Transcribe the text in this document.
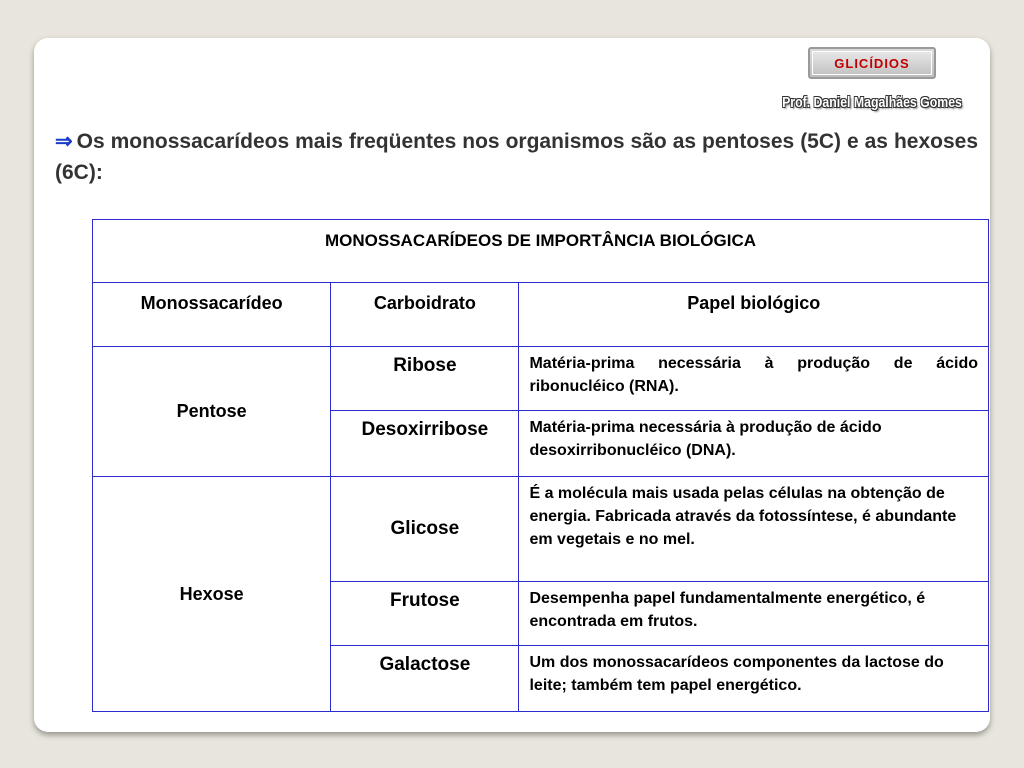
GLICÍDIOS
Prof. Daniel Magalhães Gomes
⇒ Os monossacarídeos mais freqüentes nos organismos são as pentoses (5C) e as hexoses (6C):
MONOSSACARÍDEOS DE IMPORTÂNCIA BIOLÓGICA		
Monossacarídeo	Carboidrato	Papel biológico
Pentose	Ribose	Matéria-prima necessária à produção de ácido ribonucléico (RNA).
	Desoxirribose	Matéria-prima necessária à produção de ácido desoxirribonucléico (DNA).
Hexose	Glicose	É a molécula mais usada pelas células na obtenção de energia. Fabricada através da fotossíntese, é abundante em vegetais e no mel.
	Frutose	Desempenha papel fundamentalmente energético, é encontrada em frutos.
	Galactose	Um dos monossacarídeos componentes da lactose do leite; também tem papel energético.
